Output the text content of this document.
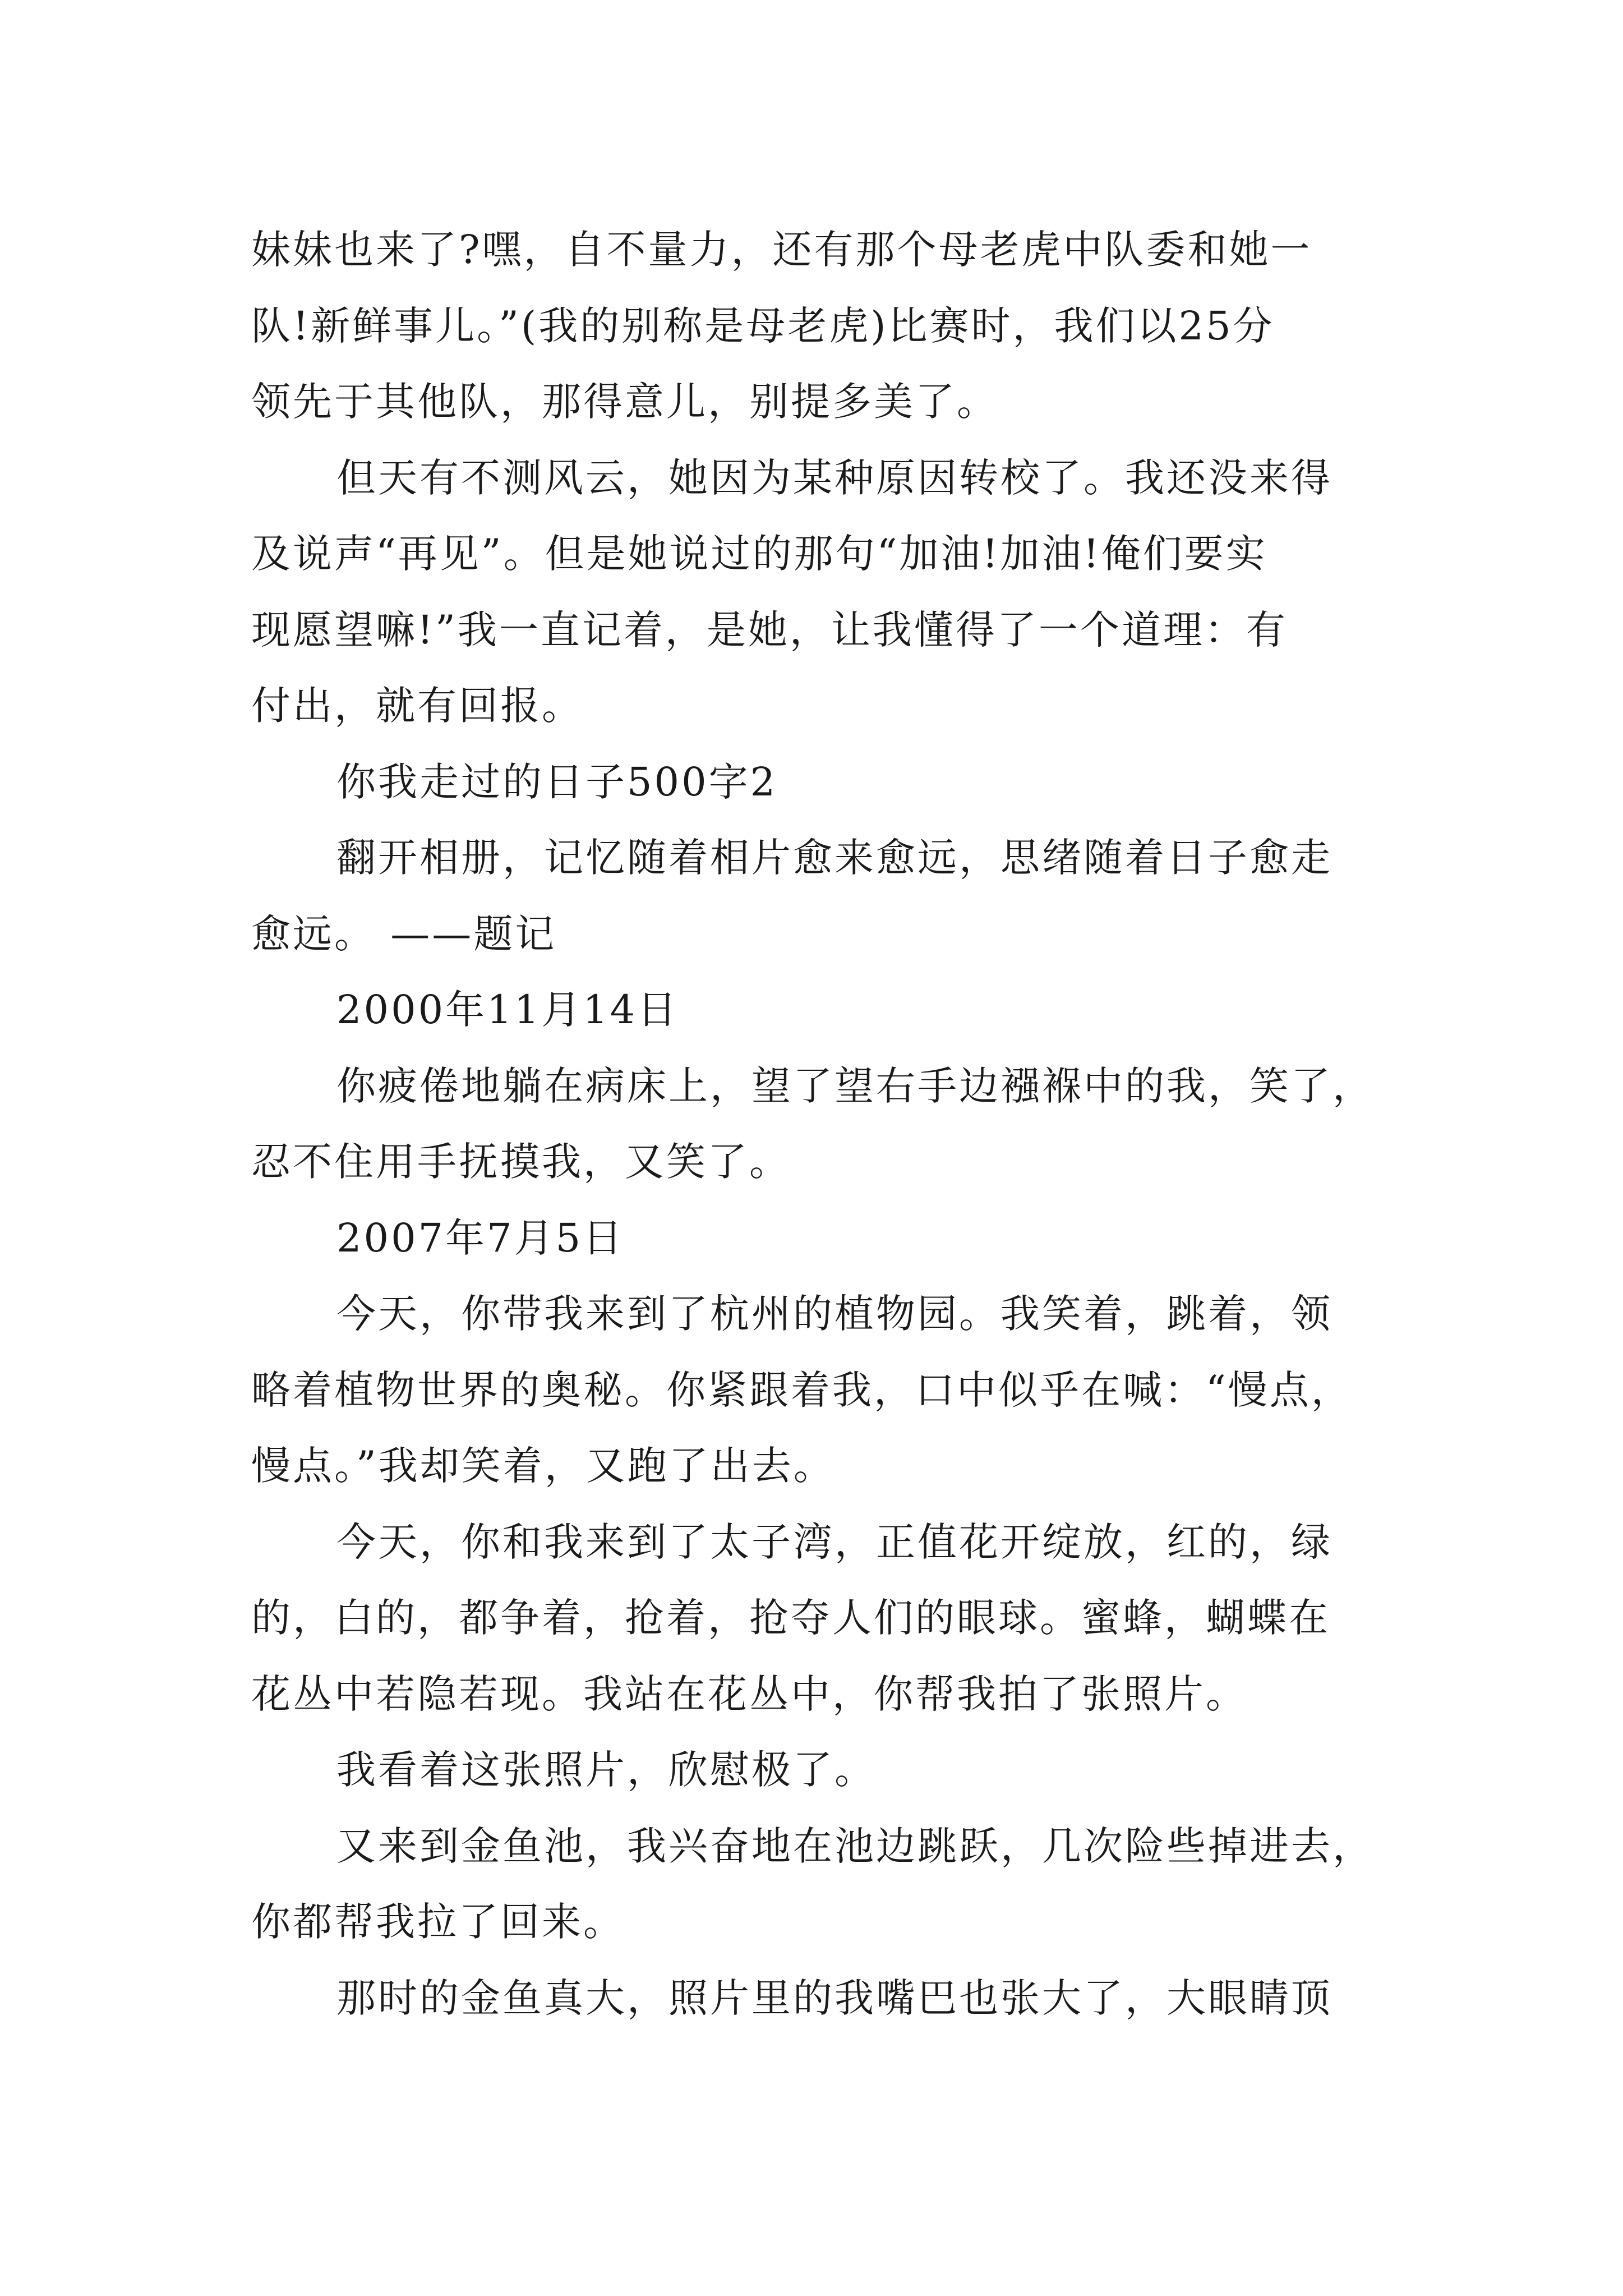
妹妹也来了?嘿，自不量力，还有那个母老虎中队委和她一
队!新鲜事儿。”(我的别称是母老虎)比赛时，我们以25分
领先于其他队，那得意儿，别提多美了。
但天有不测风云，她因为某种原因转校了。我还没来得
及说声“再见”。但是她说过的那句“加油!加油!俺们要实
现愿望嘛!”我一直记着，是她，让我懂得了一个道理：有
付出，就有回报。
你我走过的日子500字2
翻开相册，记忆随着相片愈来愈远，思绪随着日子愈走
愈远。 ——题记
2000年11月14日
你疲倦地躺在病床上，望了望右手边襁褓中的我，笑了，
忍不住用手抚摸我，又笑了。
2007年7月5日
今天，你带我来到了杭州的植物园。我笑着，跳着，领
略着植物世界的奥秘。你紧跟着我，口中似乎在喊：“慢点，
慢点。”我却笑着，又跑了出去。
今天，你和我来到了太子湾，正值花开绽放，红的，绿
的，白的，都争着，抢着，抢夺人们的眼球。蜜蜂，蝴蝶在
花丛中若隐若现。我站在花丛中，你帮我拍了张照片。
我看着这张照片，欣慰极了。
又来到金鱼池，我兴奋地在池边跳跃，几次险些掉进去，
你都帮我拉了回来。
那时的金鱼真大，照片里的我嘴巴也张大了，大眼睛顶
